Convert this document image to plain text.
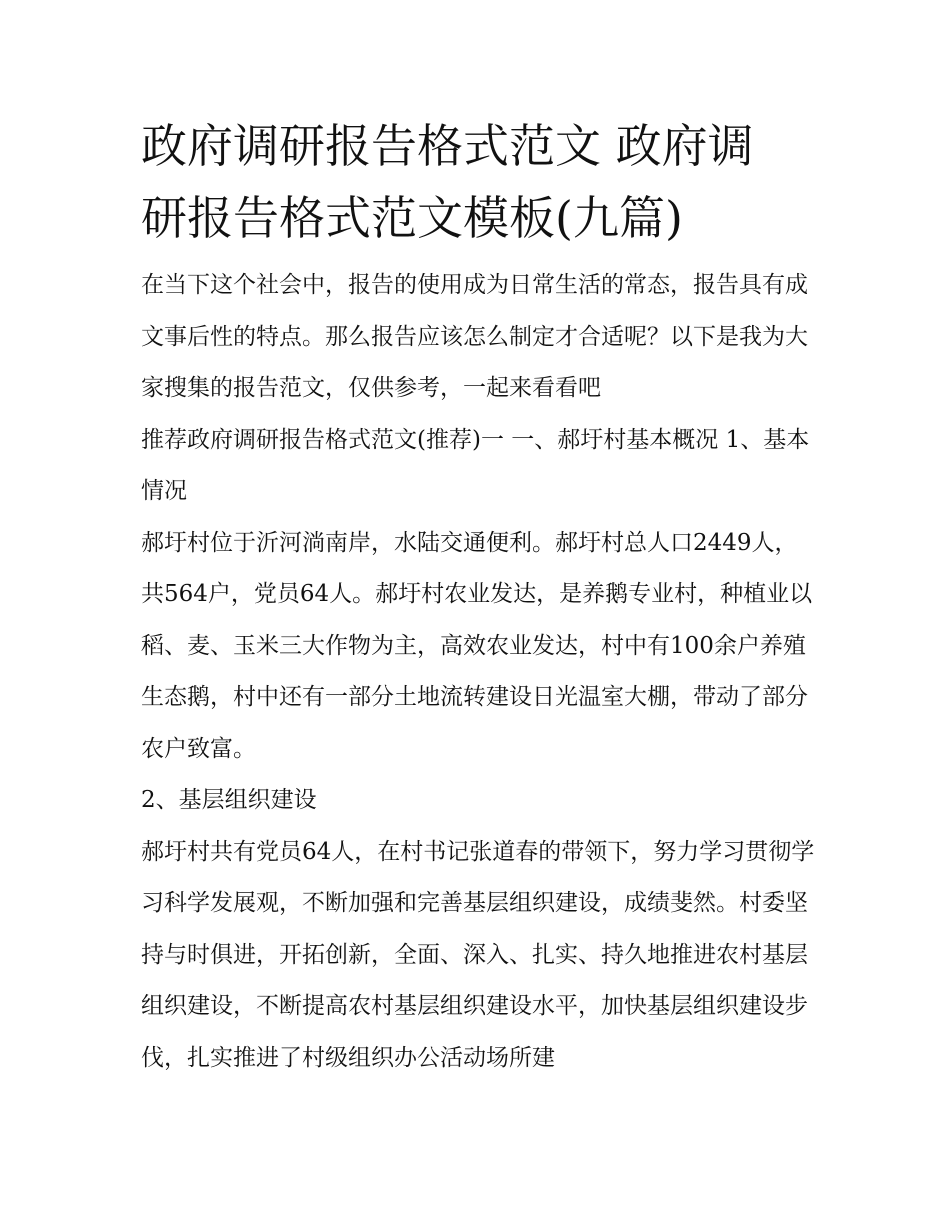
政府调研报告格式范文 政府调
研报告格式范文模板(九篇)

在当下这个社会中，报告的使用成为日常生活的常态，报告具有成文事后性的特点。那么报告应该怎么制定才合适呢？以下是我为大家搜集的报告范文，仅供参考，一起来看看吧

推荐政府调研报告格式范文(推荐)一 一、郝圩村基本概况 1、基本情况

郝圩村位于沂河淌南岸，水陆交通便利。郝圩村总人口2449人，共564户，党员64人。郝圩村农业发达，是养鹅专业村，种植业以稻、麦、玉米三大作物为主，高效农业发达，村中有100余户养殖生态鹅，村中还有一部分土地流转建设日光温室大棚，带动了部分农户致富。

2、基层组织建设

郝圩村共有党员64人，在村书记张道春的带领下，努力学习贯彻学习科学发展观，不断加强和完善基层组织建设，成绩斐然。村委坚持与时俱进，开拓创新，全面、深入、扎实、持久地推进农村基层组织建设，不断提高农村基层组织建设水平，加快基层组织建设步伐，扎实推进了村级组织办公活动场所建
